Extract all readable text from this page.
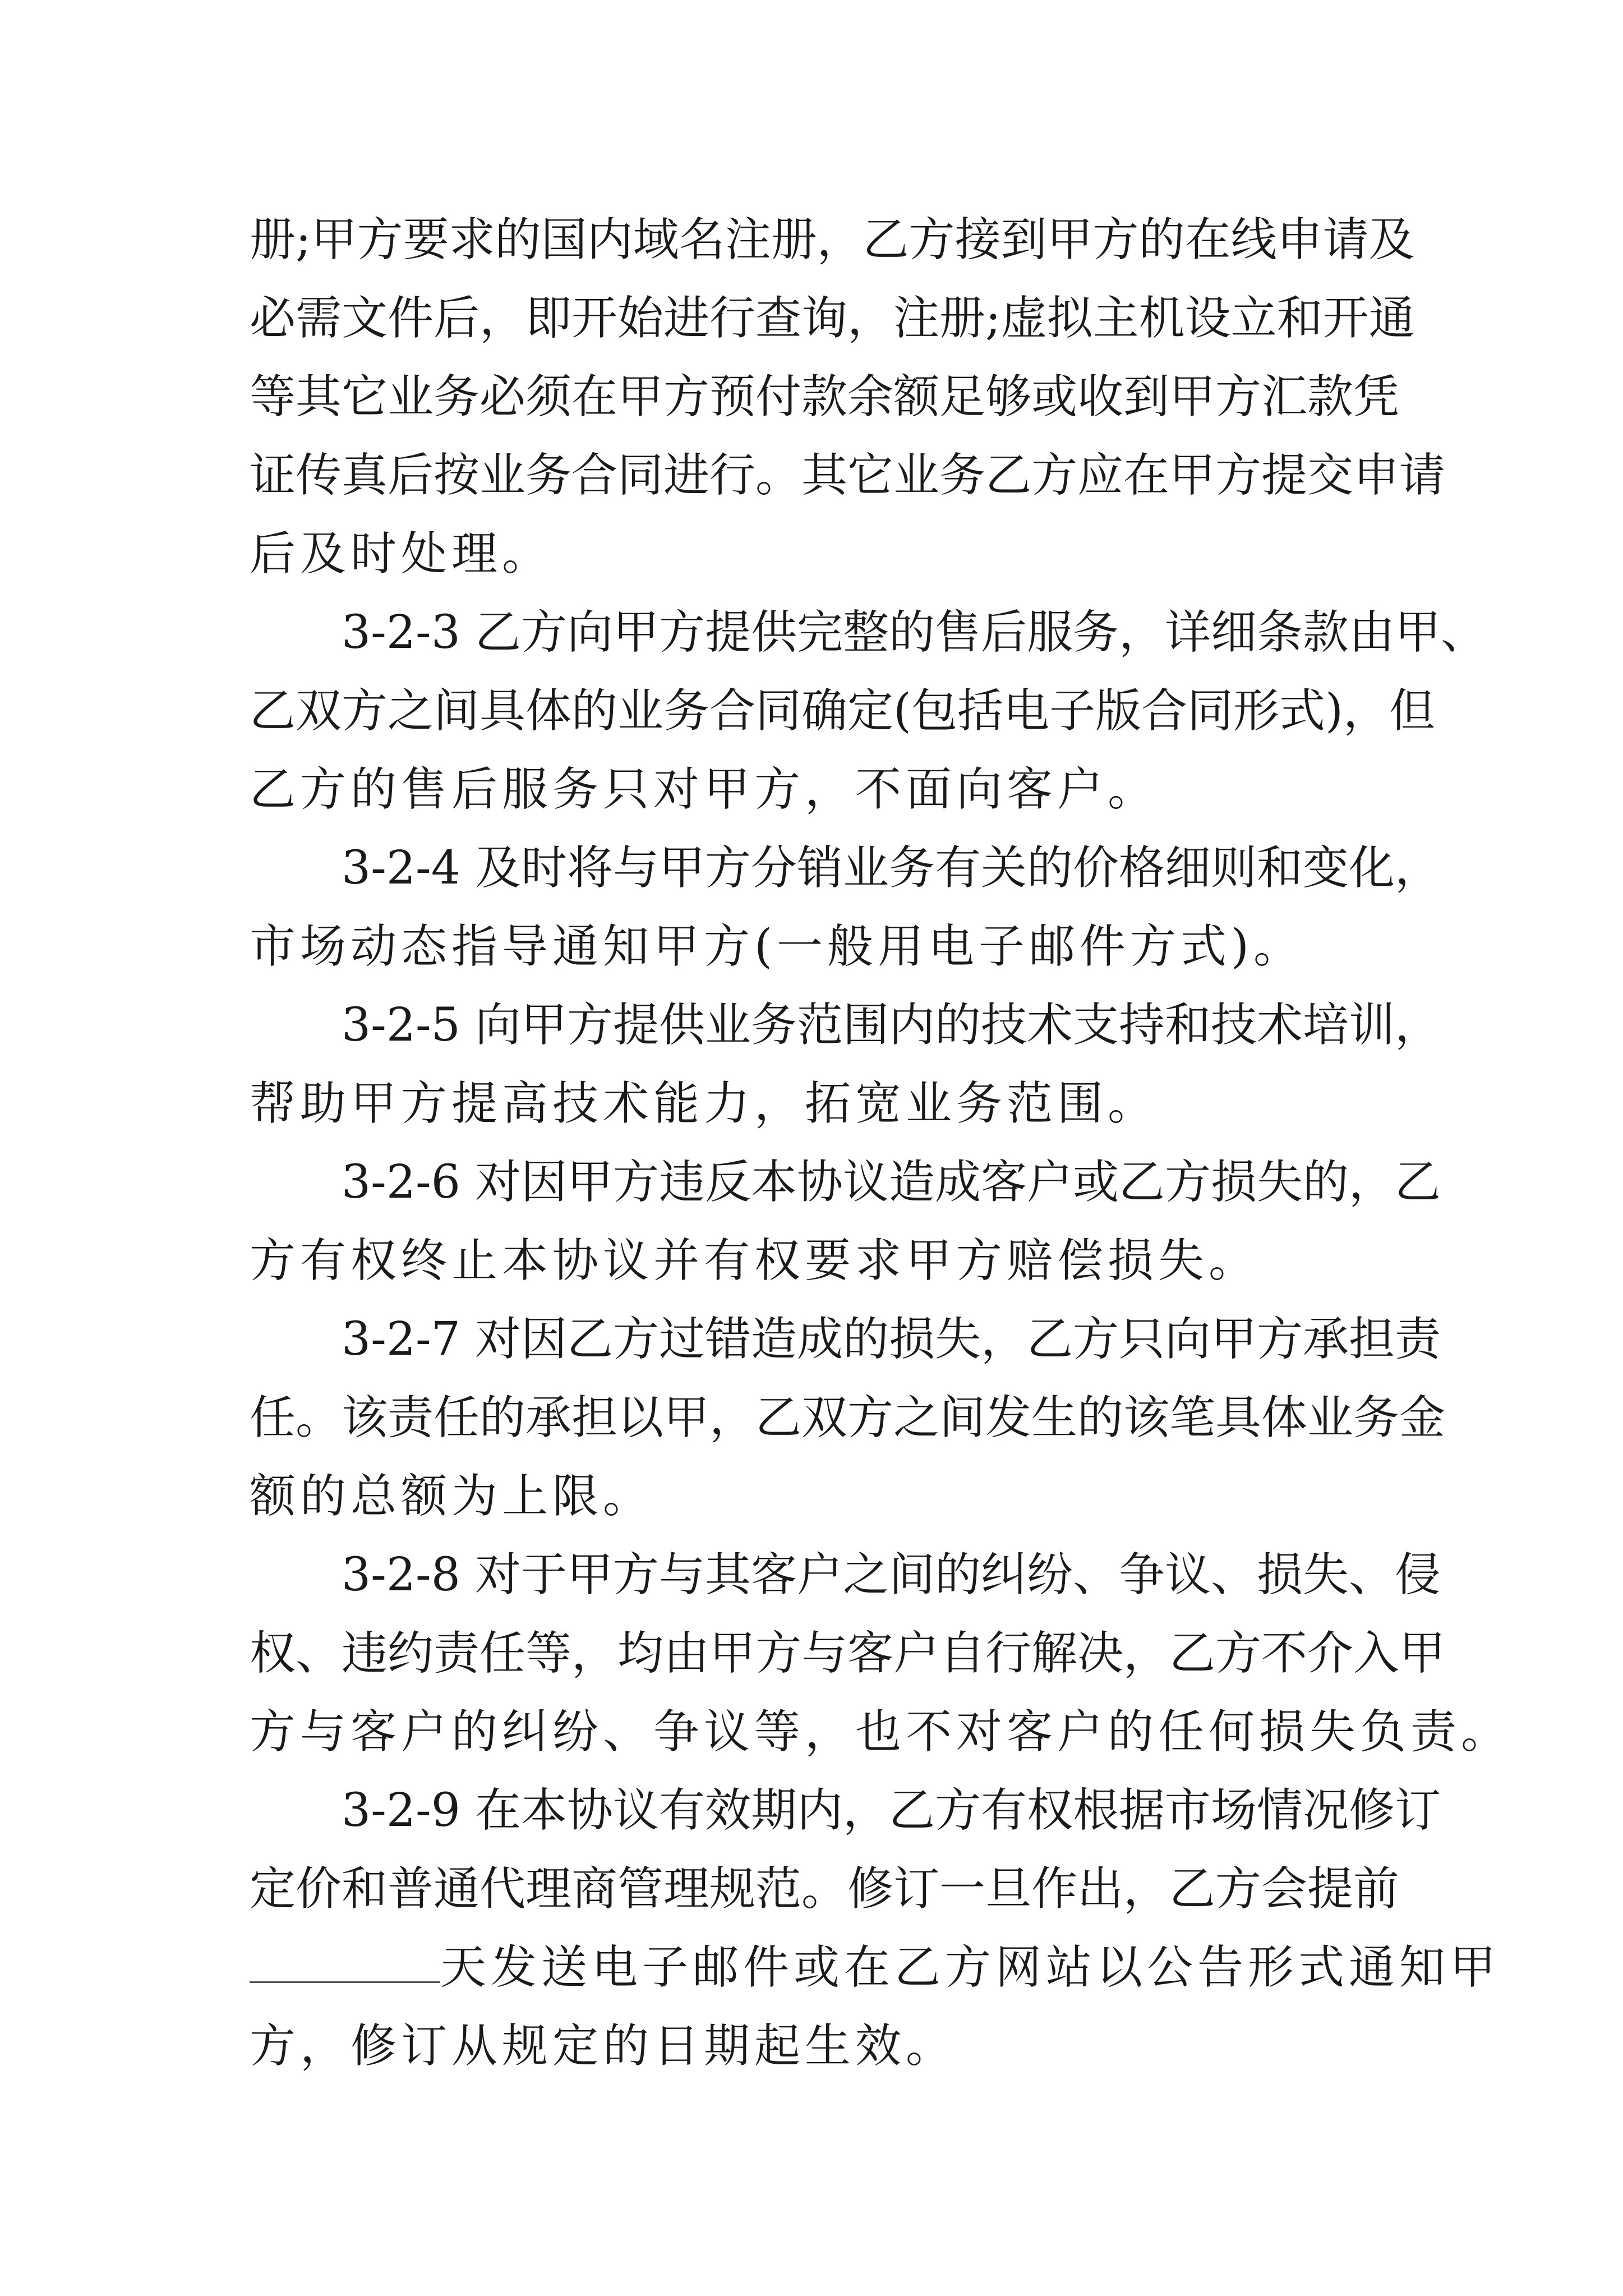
册;甲方要求的国内域名注册，乙方接到甲方的在线申请及
必需文件后，即开始进行查询，注册;虚拟主机设立和开通
等其它业务必须在甲方预付款余额足够或收到甲方汇款凭
证传真后按业务合同进行。其它业务乙方应在甲方提交申请
后及时处理。
3-2-3 乙方向甲方提供完整的售后服务，详细条款由甲、
乙双方之间具体的业务合同确定(包括电子版合同形式)，但
乙方的售后服务只对甲方，不面向客户。
3-2-4 及时将与甲方分销业务有关的价格细则和变化，
市场动态指导通知甲方(一般用电子邮件方式)。
3-2-5 向甲方提供业务范围内的技术支持和技术培训，
帮助甲方提高技术能力，拓宽业务范围。
3-2-6 对因甲方违反本协议造成客户或乙方损失的，乙
方有权终止本协议并有权要求甲方赔偿损失。
3-2-7 对因乙方过错造成的损失，乙方只向甲方承担责
任。该责任的承担以甲，乙双方之间发生的该笔具体业务金
额的总额为上限。
3-2-8 对于甲方与其客户之间的纠纷、争议、损失、侵
权、违约责任等，均由甲方与客户自行解决，乙方不介入甲
方与客户的纠纷、争议等，也不对客户的任何损失负责。
3-2-9 在本协议有效期内，乙方有权根据市场情况修订
定价和普通代理商管理规范。修订一旦作出，乙方会提前
天发送电子邮件或在乙方网站以公告形式通知甲
方，修订从规定的日期起生效。
